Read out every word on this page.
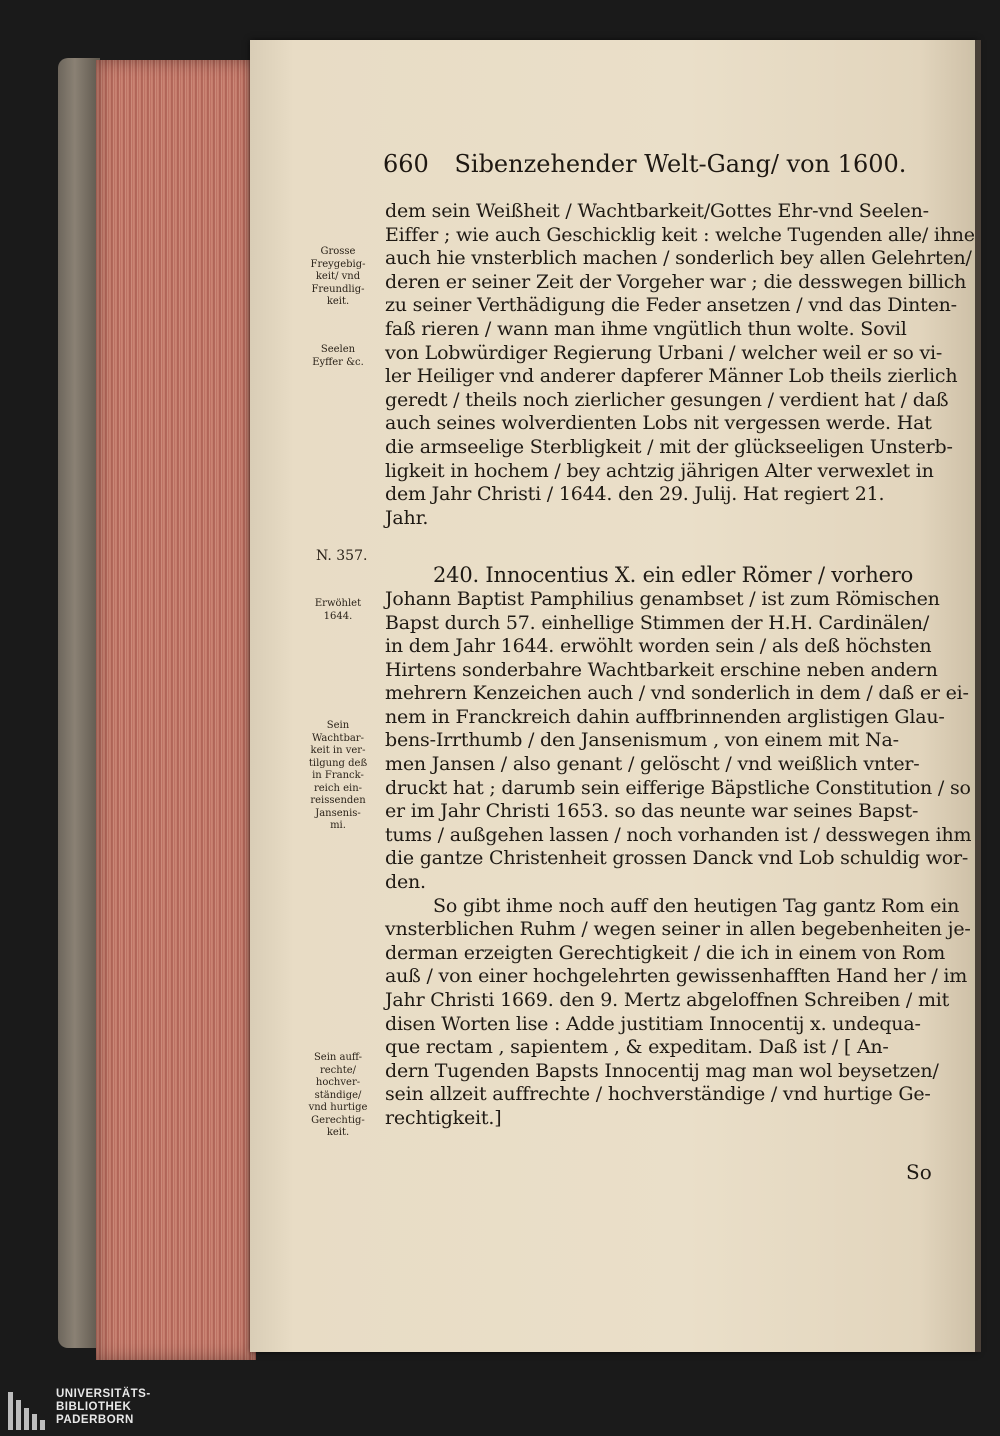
660 Sibenzehender Welt-Gang/ von 1600.
Grosse
Freygebig-
keit/ vnd
Freundlig-
keit.
Seelen
Eyffer &c.
N. 357.
Erwöhlet
1644.
Sein
Wachtbar-
keit in ver-
tilgung deß
in Franck-
reich ein-
reissenden
Jansenis-
mi.
Sein auff-
rechte/
hochver-
ständige/
vnd hurtige
Gerechtig-
keit.
dem sein Weißheit / Wachtbarkeit/Gottes Ehr-vnd Seelen-
Eiffer ; wie auch Geschicklig keit : welche Tugenden alle/ ihne
auch hie vnsterblich machen / sonderlich bey allen Gelehrten/
deren er seiner Zeit der Vorgeher war ; die desswegen billich
zu seiner Verthädigung die Feder ansetzen / vnd das Dinten-
faß rieren / wann man ihme vngütlich thun wolte. Sovil
von Lobwürdiger Regierung Urbani / welcher weil er so vi-
ler Heiliger vnd anderer dapferer Männer Lob theils zierlich
geredt / theils noch zierlicher gesungen / verdient hat / daß
auch seines wolverdienten Lobs nit vergessen werde. Hat
die armseelige Sterbligkeit / mit der glückseeligen Unsterb-
ligkeit in hochem / bey achtzig jährigen Alter verwexlet in
dem Jahr Christi / 1644. den 29. Julij. Hat regiert 21.
Jahr.
240. Innocentius X. ein edler Römer / vorhero
Johann Baptist Pamphilius genambset / ist zum Römischen
Bapst durch 57. einhellige Stimmen der H.H. Cardinälen/
in dem Jahr 1644. erwöhlt worden sein / als deß höchsten
Hirtens sonderbahre Wachtbarkeit erschine neben andern
mehrern Kenzeichen auch / vnd sonderlich in dem / daß er ei-
nem in Franckreich dahin auffbrinnenden arglistigen Glau-
bens-Irrthumb / den Jansenismum , von einem mit Na-
men Jansen / also genant / gelöscht / vnd weißlich vnter-
druckt hat ; darumb sein eifferige Bäpstliche Constitution / so
er im Jahr Christi 1653. so das neunte war seines Bapst-
tums / außgehen lassen / noch vorhanden ist / desswegen ihm
die gantze Christenheit grossen Danck vnd Lob schuldig wor-
den.
So gibt ihme noch auff den heutigen Tag gantz Rom ein
vnsterblichen Ruhm / wegen seiner in allen begebenheiten je-
derman erzeigten Gerechtigkeit / die ich in einem von Rom
auß / von einer hochgelehrten gewissenhafften Hand her / im
Jahr Christi 1669. den 9. Mertz abgeloffnen Schreiben / mit
disen Worten lise : Adde justitiam Innocentij x. undequa-
que rectam , sapientem , & expeditam. Daß ist / [ An-
dern Tugenden Bapsts Innocentij mag man wol beysetzen/
sein allzeit auffrechte / hochverständige / vnd hurtige Ge-
rechtigkeit.]
So
UNIVERSITÄTS-
BIBLIOTHEK
PADERBORN
